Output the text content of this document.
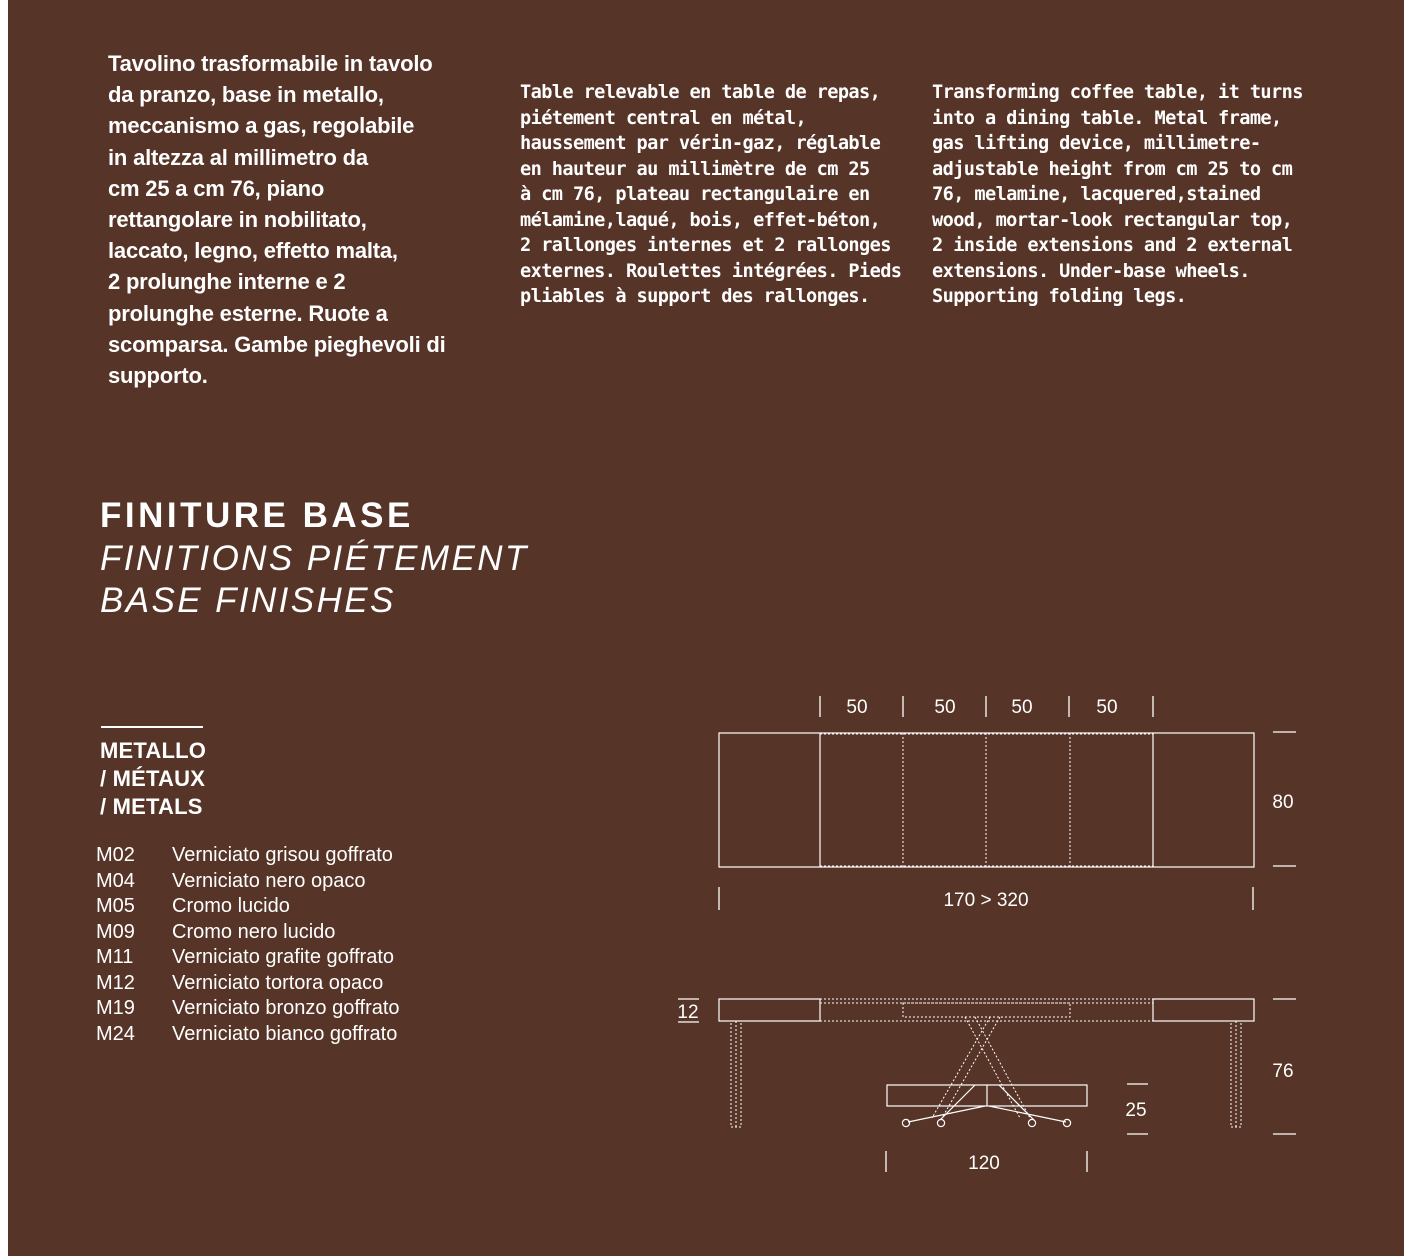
Tavolino trasformabile in tavolo
da pranzo, base in metallo,
meccanismo a gas, regolabile
in altezza al millimetro da
cm 25 a cm 76, piano
rettangolare in nobilitato,
laccato, legno, effetto malta,
2 prolunghe interne e 2
prolunghe esterne. Ruote a
scomparsa. Gambe pieghevoli di
supporto.
Table relevable en table de repas,
piétement central en métal,
haussement par vérin-gaz, réglable
en hauteur au millimètre de cm 25
à cm 76, plateau rectangulaire en
mélamine,laqué, bois, effet-béton,
2 rallonges internes et 2 rallonges
externes. Roulettes intégrées. Pieds
pliables à support des rallonges.
Transforming coffee table, it turns
into a dining table. Metal frame,
gas lifting device, millimetre-
adjustable height from cm 25 to cm
76, melamine, lacquered,stained
wood, mortar-look rectangular top,
2 inside extensions and 2 external
extensions. Under-base wheels.
Supporting folding legs.
FINITURE BASE
FINITIONS PIÉTEMENT
BASE FINISHES
METALLO
/ MÉTAUX
/ METALS
M02 Verniciato grisou goffrato
M04 Verniciato nero opaco
M05 Cromo lucido
M09 Cromo nero lucido
M11 Verniciato grafite goffrato
M12 Verniciato tortora opaco
M19 Verniciato bronzo goffrato
M24 Verniciato bianco goffrato
50	50	50	50
80
170 > 320
12
76
25
120
